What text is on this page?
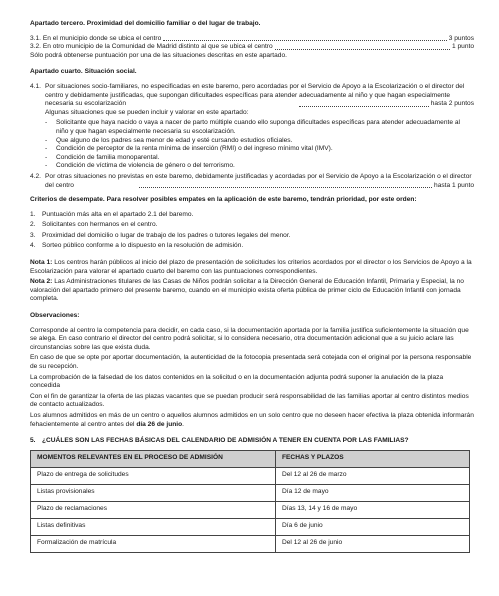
Apartado tercero. Proximidad del domicilio familiar o del lugar de trabajo.
3.1.
En el municipio donde se ubica el centro	3 puntos
3.2.
En otro municipio de la Comunidad de Madrid distinto al que se ubica el centro	1 punto
Sólo podrá obtenerse puntuación por una de las situaciones descritas en este apartado.
Apartado cuarto. Situación social.
4.1. Por situaciones socio-familiares, no especificadas en este baremo, pero acordadas por el Servicio de Apoyo a la Escolarización o el director del centro y debidamente justificadas, que supongan dificultades específicas para atender adecuadamente al niño y que hagan especialmente necesaria su escolarización	hasta 2 puntos
Algunas situaciones que se pueden incluir y valorar en este apartado:
-	Solicitante que haya nacido o vaya a nacer de parto múltiple cuando ello suponga dificultades específicas para atender adecuadamente al niño y que hagan especialmente necesaria su escolarización.
-	Que alguno de los padres sea menor de edad y esté cursando estudios oficiales.
-	Condición de perceptor de la renta mínima de inserción (RMI) o del ingreso mínimo vital (IMV).
-	Condición de familia monoparental.
-	Condición de víctima de violencia de género o del terrorismo.
4.2. Por otras situaciones no previstas en este baremo, debidamente justificadas y acordadas por el Servicio de Apoyo a la Escolarización o el director del centro	hasta 1 punto
Criterios de desempate. Para resolver posibles empates en la aplicación de este baremo, tendrán prioridad, por este orden:
1. Puntuación más alta en el apartado 2.1 del baremo.
2. Solicitantes con hermanos en el centro.
3. Proximidad del domicilio o lugar de trabajo de los padres o tutores legales del menor.
4. Sorteo público conforme a lo dispuesto en la resolución de admisión.
Nota 1: Los centros harán públicos al inicio del plazo de presentación de solicitudes los criterios acordados por el director o los Servicios de Apoyo a la Escolarización para valorar el apartado cuarto del baremo con las puntuaciones correspondientes.
Nota 2: Las Administraciones titulares de las Casas de Niños podrán solicitar a la Dirección General de Educación Infantil, Primaria y Especial, la no valoración del apartado primero del presente baremo, cuando en el municipio exista oferta pública de primer ciclo de Educación Infantil con jornada completa.
Observaciones:
Corresponde al centro la competencia para decidir, en cada caso, si la documentación aportada por la familia justifica suficientemente la situación que se alega. En caso contrario el director del centro podrá solicitar, si lo considera necesario, otra documentación adicional que a su juicio aclare las circunstancias sobre las que exista duda.
En caso de que se opte por aportar documentación, la autenticidad de la fotocopia presentada será cotejada con el original por la persona responsable de su recepción.
La comprobación de la falsedad de los datos contenidos en la solicitud o en la documentación adjunta podrá suponer la anulación de la plaza concedida
Con el fin de garantizar la oferta de las plazas vacantes que se puedan producir será responsabilidad de las familias aportar al centro distintos medios de contacto actualizados.
Los alumnos admitidos en más de un centro o aquellos alumnos admitidos en un solo centro que no deseen hacer efectiva la plaza obtenida informarán fehacientemente al centro antes del día 26 de junio.
5. ¿CUÁLES SON LAS FECHAS BÁSICAS DEL CALENDARIO DE ADMISIÓN A TENER EN CUENTA POR LAS FAMILIAS?
MOMENTOS RELEVANTES EN EL PROCESO DE ADMISIÓN	FECHAS Y PLAZOS
Plazo de entrega de solicitudes	Del 12 al 26 de marzo
Listas provisionales	Día 12 de mayo
Plazo de reclamaciones	Días 13, 14 y 16 de mayo
Listas definitivas	Día 6 de junio
Formalización de matrícula	Del 12 al 26 de junio
